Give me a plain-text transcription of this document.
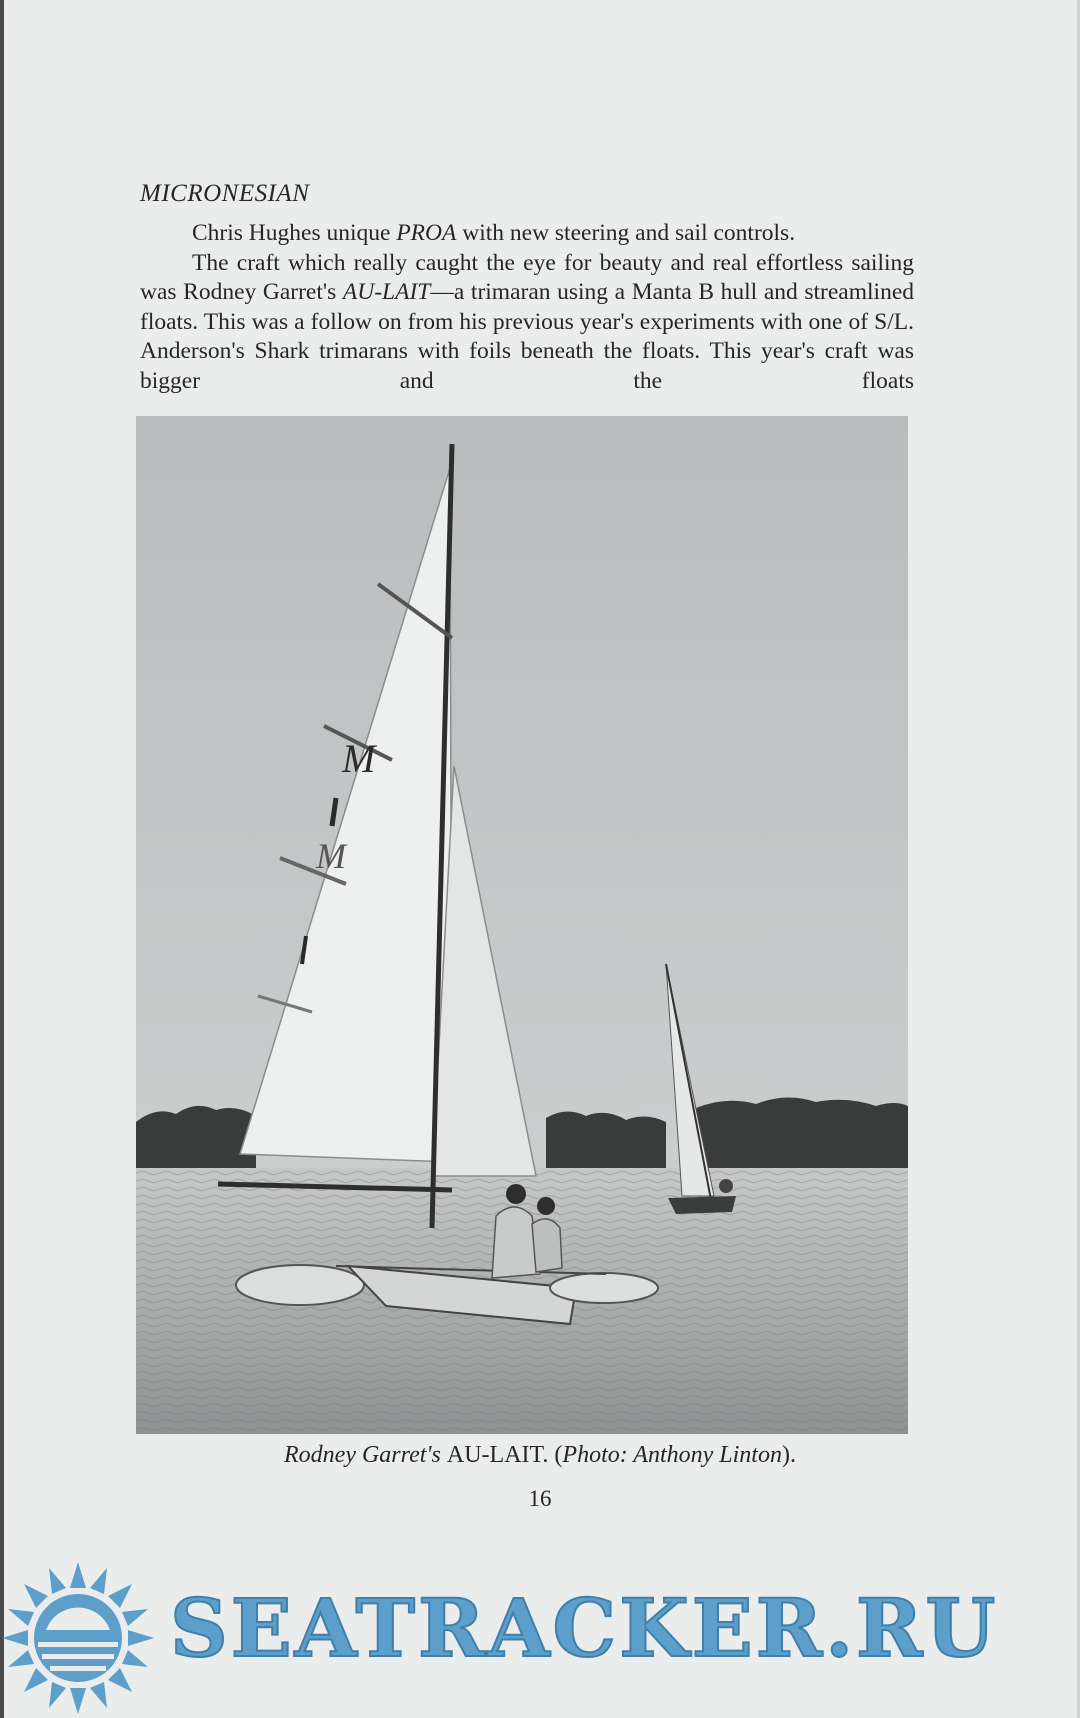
MICRONESIAN

Chris Hughes unique PROA with new steering and sail controls.

The craft which really caught the eye for beauty and real effortless sailing was Rodney Garret's AU-LAIT—a trimaran using a Manta B hull and streamlined floats. This was a follow on from his previous year's experiments with one of S/L. Anderson's Shark trimarans with foils beneath the floats. This year's craft was bigger and the floats

M
M

Rodney Garret's AU-LAIT. (Photo: Anthony Linton).

16

SEATRACKER.RU
